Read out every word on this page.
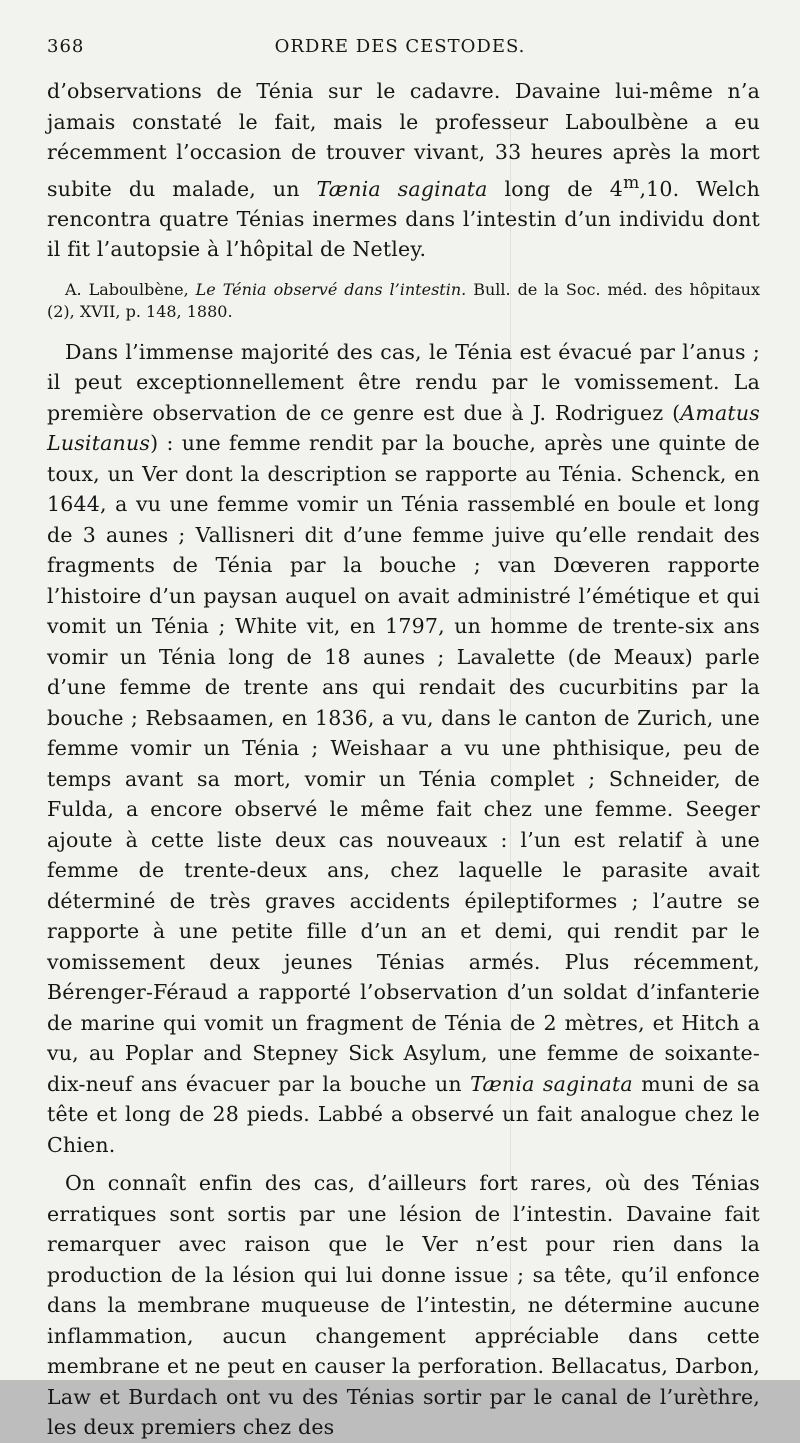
368	ORDRE DES CESTODES.

d’observations de Ténia sur le cadavre. Davaine lui-même n’a jamais constaté le fait, mais le professeur Laboulbène a eu récemment l’occasion de trouver vivant, 33 heures après la mort subite du malade, un Tænia saginata long de 4$^m$,10. Welch rencontra quatre Ténias inermes dans l’intestin d’un individu dont il fit l’autopsie à l’hôpital de Netley.

A. Laboulbène, Le Ténia observé dans l’intestin. Bull. de la Soc. méd. des hôpitaux (2), XVII, p. 148, 1880.

Dans l’immense majorité des cas, le Ténia est évacué par l’anus ; il peut exceptionnellement être rendu par le vomissement. La première observation de ce genre est due à J. Rodriguez (Amatus Lusitanus) : une femme rendit par la bouche, après une quinte de toux, un Ver dont la description se rapporte au Ténia. Schenck, en 1644, a vu une femme vomir un Ténia rassemblé en boule et long de 3 aunes ; Vallisneri dit d’une femme juive qu’elle rendait des fragments de Ténia par la bouche ; van Dœveren rapporte l’histoire d’un paysan auquel on avait administré l’émétique et qui vomit un Ténia ; White vit, en 1797, un homme de trente-six ans vomir un Ténia long de 18 aunes ; Lavalette (de Meaux) parle d’une femme de trente ans qui rendait des cucurbitins par la bouche ; Rebsaamen, en 1836, a vu, dans le canton de Zurich, une femme vomir un Ténia ; Weishaar a vu une phthisique, peu de temps avant sa mort, vomir un Ténia complet ; Schneider, de Fulda, a encore observé le même fait chez une femme. Seeger ajoute à cette liste deux cas nouveaux : l’un est relatif à une femme de trente-deux ans, chez laquelle le parasite avait déterminé de très graves accidents épileptiformes ; l’autre se rapporte à une petite fille d’un an et demi, qui rendit par le vomissement deux jeunes Ténias armés. Plus récemment, Bérenger-Féraud a rapporté l’observation d’un soldat d’infanterie de marine qui vomit un fragment de Ténia de 2 mètres, et Hitch a vu, au Poplar and Stepney Sick Asylum, une femme de soixante-dix-neuf ans évacuer par la bouche un Tænia saginata muni de sa tête et long de 28 pieds. Labbé a observé un fait analogue chez le Chien.

On connaît enfin des cas, d’ailleurs fort rares, où des Ténias erratiques sont sortis par une lésion de l’intestin. Davaine fait remarquer avec raison que le Ver n’est pour rien dans la production de la lésion qui lui donne issue ; sa tête, qu’il enfonce dans la membrane muqueuse de l’intestin, ne détermine aucune inflammation, aucun changement appréciable dans cette membrane et ne peut en causer la perforation. Bellacatus, Darbon, Law et Burdach ont vu des Ténias sortir par le canal de l’urèthre, les deux premiers chez des
